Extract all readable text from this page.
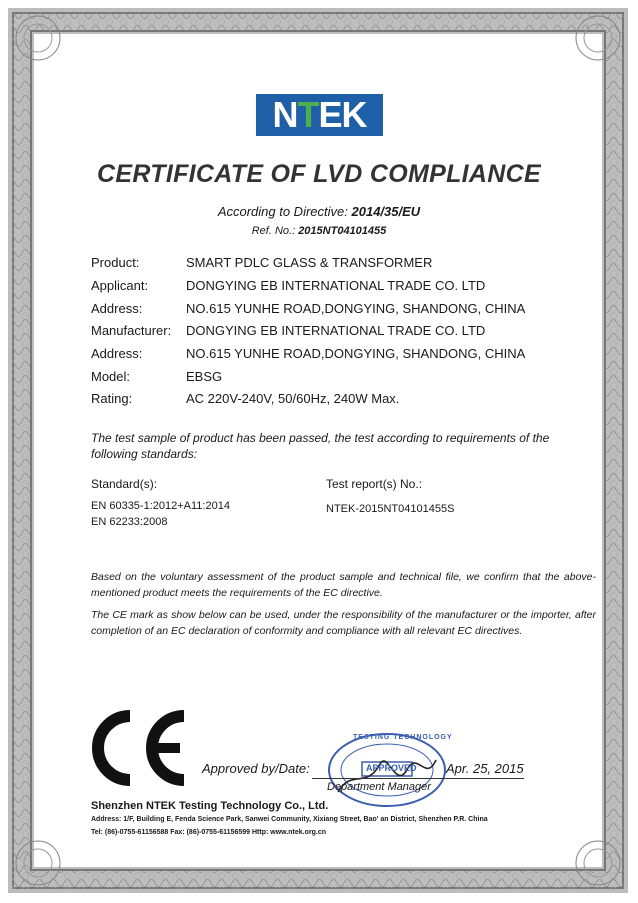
NTEK
CERTIFICATE OF LVD COMPLIANCE
According to Directive: 2014/35/EU
Ref. No.: 2015NT04101455
Product:	SMART PDLC GLASS & TRANSFORMER
Applicant:	DONGYING EB INTERNATIONAL TRADE CO. LTD
Address:	NO.615 YUNHE ROAD,DONGYING, SHANDONG, CHINA
Manufacturer: DONGYING EB INTERNATIONAL TRADE CO. LTD
Address:	NO.615 YUNHE ROAD,DONGYING, SHANDONG, CHINA
Model:	EBSG
Rating:	AC 220V-240V, 50/60Hz, 240W Max.
The test sample of product has been passed, the test according to requirements of the following standards:
Standard(s):
EN 60335-1:2012+A11:2014
EN 62233:2008
Test report(s) No.:
NTEK-2015NT04101455S
Based on the voluntary assessment of the product sample and technical file, we confirm that the above-mentioned product meets the requirements of the EC directive.
The CE mark as show below can be used, under the responsibility of the manufacturer or the importer, after completion of an EC declaration of conformity and compliance with all relevant EC directives.
TESTING TECHNOLOGY
APPROVED
Approved by/Date:	Apr. 25, 2015
Department Manager
Shenzhen NTEK Testing Technology Co., Ltd.
Address: 1/F, Building E, Fenda Science Park, Sanwei Community, Xixiang Street, Bao' an District, Shenzhen P.R. China
Tel: (86)-0755-61156588 Fax: (86)-0755-61156599 Http: www.ntek.org.cn
